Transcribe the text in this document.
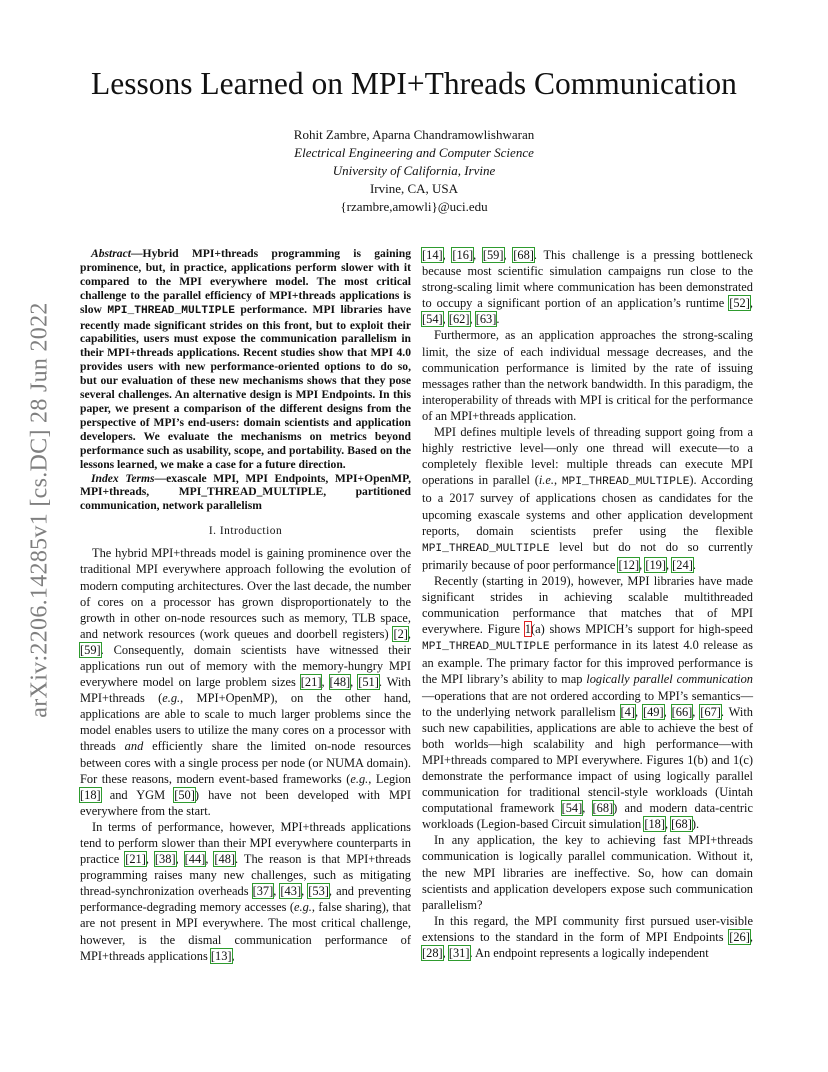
arXiv:2206.14285v1 [cs.DC] 28 Jun 2022
Lessons Learned on MPI+Threads Communication
Rohit Zambre, Aparna Chandramowlishwaran
Electrical Engineering and Computer Science
University of California, Irvine
Irvine, CA, USA
{rzambre,amowli}@uci.edu

Abstract—Hybrid MPI+threads programming is gaining prominence, but, in practice, applications perform slower with it compared to the MPI everywhere model. The most critical challenge to the parallel efficiency of MPI+threads applications is slow MPI_THREAD_MULTIPLE performance. MPI libraries have recently made significant strides on this front, but to exploit their capabilities, users must expose the communication parallelism in their MPI+threads applications. Recent studies show that MPI 4.0 provides users with new performance-oriented options to do so, but our evaluation of these new mechanisms shows that they pose several challenges. An alternative design is MPI Endpoints. In this paper, we present a comparison of the different designs from the perspective of MPI’s end-users: domain scientists and application developers. We evaluate the mechanisms on metrics beyond performance such as usability, scope, and portability. Based on the lessons learned, we make a case for a future direction.

Index Terms—exascale MPI, MPI Endpoints, MPI+OpenMP, MPI+threads, MPI_THREAD_MULTIPLE, partitioned communication, network parallelism

I. Introduction

The hybrid MPI+threads model is gaining prominence over the traditional MPI everywhere approach following the evolution of modern computing architectures. Over the last decade, the number of cores on a processor has grown disproportionately to the growth in other on-node resources such as memory, TLB space, and network resources (work queues and doorbell registers) [2], [59]. Consequently, domain scientists have witnessed their applications run out of memory with the memory-hungry MPI everywhere model on large problem sizes [21], [48], [51]. With MPI+threads (e.g., MPI+OpenMP), on the other hand, applications are able to scale to much larger problems since the model enables users to utilize the many cores on a processor with threads and efficiently share the limited on-node resources between cores with a single process per node (or NUMA domain). For these reasons, modern event-based frameworks (e.g., Legion [18] and YGM [50]) have not been developed with MPI everywhere from the start.

In terms of performance, however, MPI+threads applications tend to perform slower than their MPI everywhere counterparts in practice [21], [38], [44], [48]. The reason is that MPI+threads programming raises many new challenges, such as mitigating thread-synchronization overheads [37], [43], [53], and preventing performance-degrading memory accesses (e.g., false sharing), that are not present in MPI everywhere. The most critical challenge, however, is the dismal communication performance of MPI+threads applications [13],

[14], [16], [59], [68]. This challenge is a pressing bottleneck because most scientific simulation campaigns run close to the strong-scaling limit where communication has been demonstrated to occupy a significant portion of an application’s runtime [52], [54], [62], [63].

Furthermore, as an application approaches the strong-scaling limit, the size of each individual message decreases, and the communication performance is limited by the rate of issuing messages rather than the network bandwidth. In this paradigm, the interoperability of threads with MPI is critical for the performance of an MPI+threads application.

MPI defines multiple levels of threading support going from a highly restrictive level—only one thread will execute—to a completely flexible level: multiple threads can execute MPI operations in parallel (i.e., MPI_THREAD_MULTIPLE). According to a 2017 survey of applications chosen as candidates for the upcoming exascale systems and other application development reports, domain scientists prefer using the flexible MPI_THREAD_MULTIPLE level but do not do so currently primarily because of poor performance [12], [19], [24].

Recently (starting in 2019), however, MPI libraries have made significant strides in achieving scalable multithreaded communication performance that matches that of MPI everywhere. Figure 1(a) shows MPICH’s support for high-speed MPI_THREAD_MULTIPLE performance in its latest 4.0 release as an example. The primary factor for this improved performance is the MPI library’s ability to map logically parallel communication—operations that are not ordered according to MPI’s semantics—to the underlying network parallelism [4], [49], [66], [67]. With such new capabilities, applications are able to achieve the best of both worlds—high scalability and high performance—with MPI+threads compared to MPI everywhere. Figures 1(b) and 1(c) demonstrate the performance impact of using logically parallel communication for traditional stencil-style workloads (Uintah computational framework [54], [68]) and modern data-centric workloads (Legion-based Circuit simulation [18], [68]).

In any application, the key to achieving fast MPI+threads communication is logically parallel communication. Without it, the new MPI libraries are ineffective. So, how can domain scientists and application developers expose such communication parallelism?

In this regard, the MPI community first pursued user-visible extensions to the standard in the form of MPI Endpoints [26], [28], [31]. An endpoint represents a logically independent
